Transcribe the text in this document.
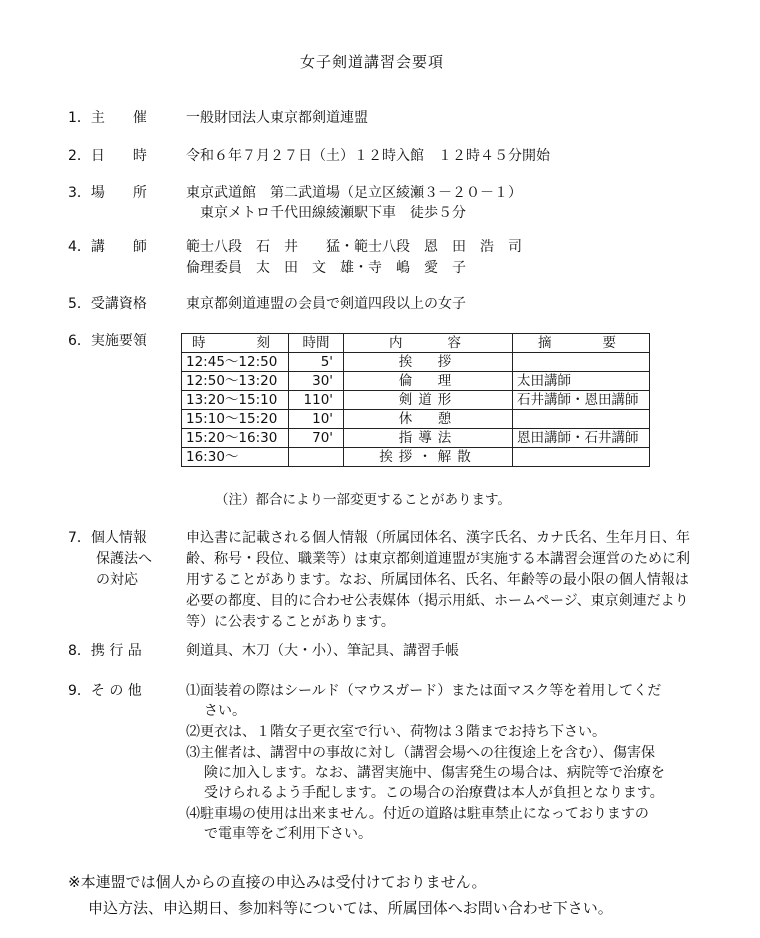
女子剣道講習会要項
1．主　　催	一般財団法人東京都剣道連盟
2．日　　時	令和６年７月２７日（土）１２時入館　１２時４５分開始
3．場　　所	東京武道館　第二武道場（足立区綾瀬３－２０－１）
東京メトロ千代田線綾瀬駅下車　徒歩５分
4．講　　師	範士八段　石　井　　猛・範士八段　恩　田　浩　司
倫理委員　太　田　文　雄・寺　嶋　愛　子
5．受講資格	東京都剣道連盟の会員で剣道四段以上の女子
6．実施要領	時　　刻	時間	内　　容	摘　　要
12:45～12:50	5'	挨　拶	
12:50～13:20	30'	倫　理	太田講師
13:20～15:10	110'	剣道形	石井講師・恩田講師
15:10～15:20	10'	休　憩	
15:20～16:30	70'	指導法	恩田講師・石井講師
16:30～		挨拶・解散	
（注）都合により一部変更することがあります。
7．個人情報
保護法へ
の対応
申込書に記載される個人情報（所属団体名、漢字氏名、カナ氏名、生年月日、年齢、称号・段位、職業等）は東京都剣道連盟が実施する本講習会運営のために利用することがあります。なお、所属団体名、氏名、年齢等の最小限の個人情報は必要の都度、目的に合わせ公表媒体（掲示用紙、ホームページ、東京剣連だより等）に公表することがあります。
8．携 行 品	剣道具、木刀（大・小）、筆記具、講習手帳
9．そ の 他	⑴面装着の際はシールド（マウスガード）または面マスク等を着用してくだ
さい。
⑵更衣は、１階女子更衣室で行い、荷物は３階までお持ち下さい。
⑶主催者は、講習中の事故に対し（講習会場への往復途上を含む）、傷害保
険に加入します。なお、講習実施中、傷害発生の場合は、病院等で治療を
受けられるよう手配します。この場合の治療費は本人が負担となります。
⑷駐車場の使用は出来ません。付近の道路は駐車禁止になっておりますの
で電車等をご利用下さい。
※本連盟では個人からの直接の申込みは受付けておりません。
申込方法、申込期日、参加料等については、所属団体へお問い合わせ下さい。
